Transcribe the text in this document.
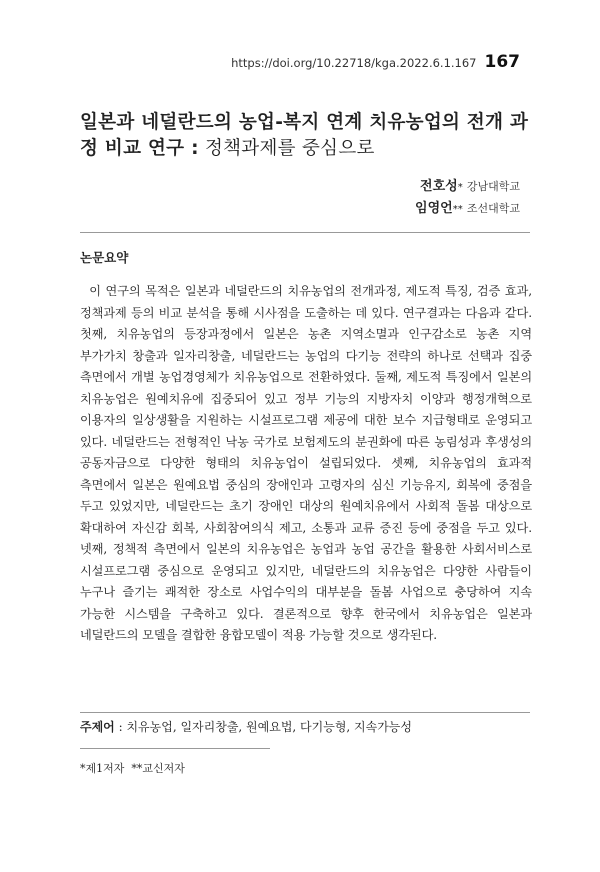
https://doi.org/10.22718/kga.2022.6.1.167 167
일본과 네덜란드의 농업-복지 연계 치유농업의 전개 과정 비교 연구 : 정책과제를 중심으로
전호성* 강남대학교
임영언** 조선대학교
논문요약
이 연구의 목적은 일본과 네덜란드의 치유농업의 전개과정, 제도적 특징, 검증 효과, 정책과제 등의 비교 분석을 통해 시사점을 도출하는 데 있다. 연구결과는 다음과 같다. 첫째, 치유농업의 등장과정에서 일본은 농촌 지역소멸과 인구감소로 농촌 지역 부가가치 창출과 일자리창출, 네덜란드는 농업의 다기능 전략의 하나로 선택과 집중 측면에서 개별 농업경영체가 치유농업으로 전환하였다. 둘째, 제도적 특징에서 일본의 치유농업은 원예치유에 집중되어 있고 정부 기능의 지방자치 이양과 행정개혁으로 이용자의 일상생활을 지원하는 시설프로그램 제공에 대한 보수 지급형태로 운영되고 있다. 네덜란드는 전형적인 낙농 국가로 보험제도의 분권화에 따른 농림성과 후생성의 공동자금으로 다양한 형태의 치유농업이 설립되었다. 셋째, 치유농업의 효과적 측면에서 일본은 원예요법 중심의 장애인과 고령자의 심신 기능유지, 회복에 중점을 두고 있었지만, 네덜란드는 초기 장애인 대상의 원예치유에서 사회적 돌봄 대상으로 확대하여 자신감 회복, 사회참여의식 제고, 소통과 교류 증진 등에 중점을 두고 있다. 넷째, 정책적 측면에서 일본의 치유농업은 농업과 농업 공간을 활용한 사회서비스로 시설프로그램 중심으로 운영되고 있지만, 네덜란드의 치유농업은 다양한 사람들이 누구나 즐기는 쾌적한 장소로 사업수익의 대부분을 돌봄 사업으로 충당하여 지속 가능한 시스템을 구축하고 있다. 결론적으로 향후 한국에서 치유농업은 일본과 네덜란드의 모델을 결합한 융합모델이 적용 가능할 것으로 생각된다.
주제어 : 치유농업, 일자리창출, 원예요법, 다기능형, 지속가능성
*제1저자  **교신저자
